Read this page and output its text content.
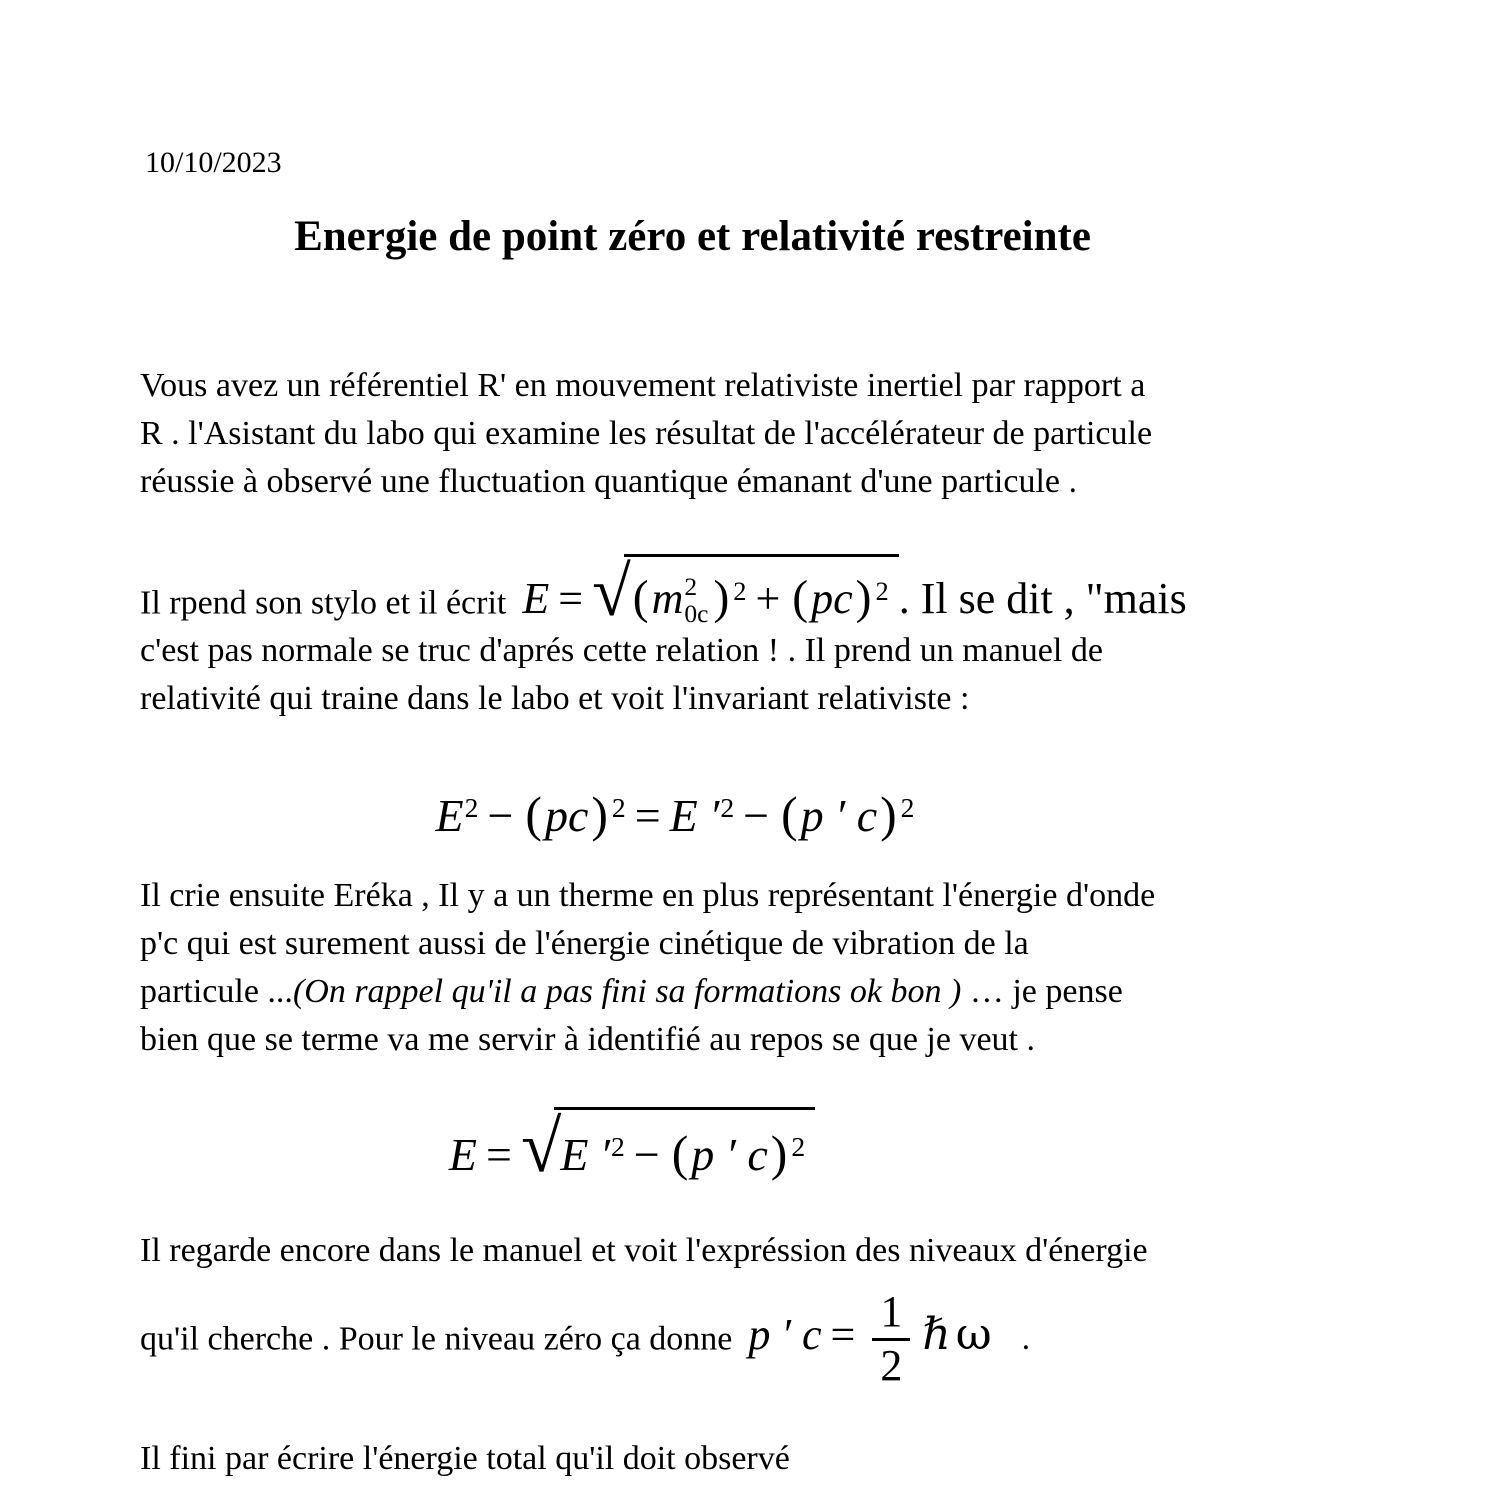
10/10/2023
Energie de point zéro et relativité restreinte
Vous avez un référentiel R' en mouvement relativiste inertiel par rapport a
R . l'Asistant du labo qui examine les résultat de l'accélérateur de particule
réussie à observé une fluctuation quantique émanant d'une particule .
Il rpend son stylo et il écrit E = √(m 2
0c ) $^2$ + (pc) $^2$ . Il se dit , "mais
c'est pas normale se truc d'aprés cette relation ! . Il prend un manuel de
relativité qui traine dans le labo et voit l'invariant relativiste :
$E^2 - (pc) ^2 = E$ $'^2 - (p$ ′ c) $^2$
Il crie ensuite Eréka , Il y a un therme en plus représentant l'énergie d'onde
p'c qui est surement aussi de l'énergie cinétique de vibration de la
particule ...(On rappel qu'il a pas fini sa formations ok bon ) … je pense
bien que se terme va me servir à identifié au repos se que je veut .
E = √E $'^2 - (p$ ′ c) $^2$
Il regarde encore dans le manuel et voit l'expréssion des niveaux d'énergie
qu'il cherche . Pour le niveau zéro ça donne p ′ $c = \frac{1}{2}$ ℏ ω .
Il fini par écrire l'énergie total qu'il doit observé
